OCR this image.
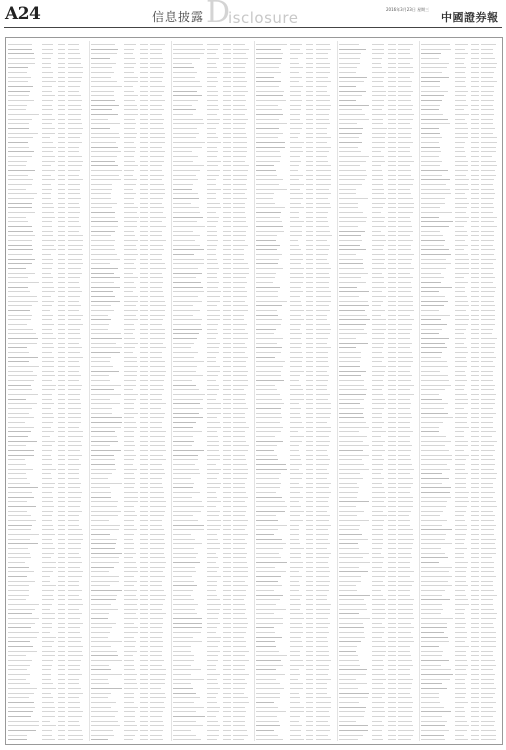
A24	信息披露 D
isclosure	2016年3月23日 星期三
中國證券報
